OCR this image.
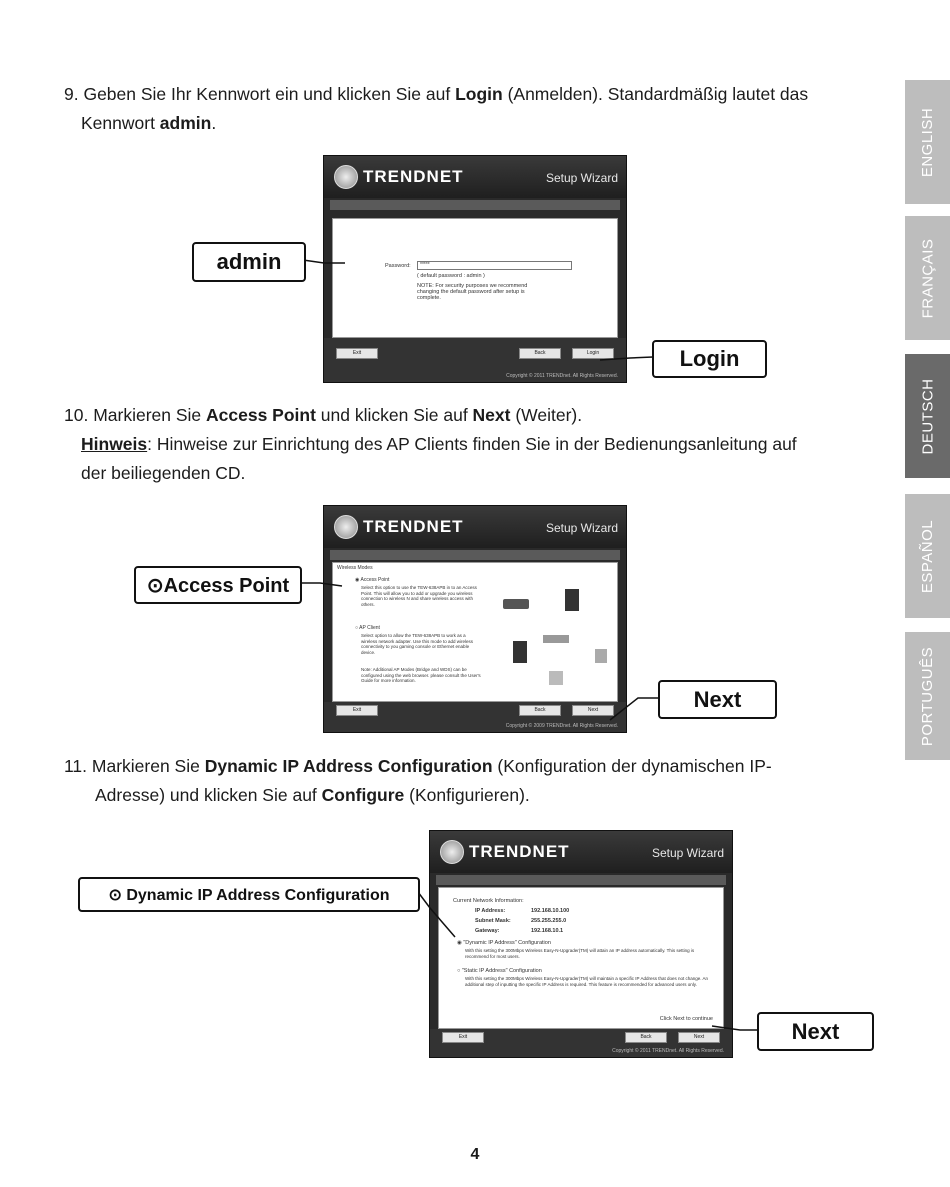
9. Geben Sie Ihr Kennwort ein und klicken Sie auf Login (Anmelden). Standardmäßig lautet das

Kennwort admin.

10. Markieren Sie Access Point und klicken Sie auf Next (Weiter).

Hinweis: Hinweise zur Einrichtung des AP Clients finden Sie in der Bedienungsanleitung auf

der beiliegenden CD.

11. Markieren Sie Dynamic IP Address Configuration (Konfiguration der dynamischen IP-

Adresse) und klicken Sie auf Configure (Konfigurieren).

ENGLISH
FRANÇAIS
DEUTSCH
ESPAÑOL
PORTUGUÊS
TRENDNET	Setup Wizard
Password:	*****
( default password : admin )
NOTE: For security purposes we recommend changing the default password after setup is complete.
Exit	Back	Login
Copyright © 2011 TRENDnet. All Rights Reserved.
TRENDNET	Setup Wizard
Wireless Modes
◉ Access Point
Select this option to use the TEW-638APB in to an Access Point. This will allow you to add or upgrade you wireless connection to wireless N and share wireless access with others.
○ AP Client
Select option to allow the TEW-638APB to work as a wireless network adapter. Use this mode to add wireless connectivity to you gaming console or Ethernet enable device.
Note: Additional AP Modes (Bridge and WDS) can be configured using the web browser. please consult the User's Guide for more information.
Exit	Back	Next
Copyright © 2009 TRENDnet. All Rights Reserved.
TRENDNET	Setup Wizard
Current Network Information:
IP Address:	192.168.10.100
Subnet Mask:	255.255.255.0
Gateway:	192.168.10.1
◉ "Dynamic IP Address" Configuration
With this setting the 300Mbps Wireless Easy-N-Upgrader(TM) will attain an IP address automatically. This setting is recommend for most users.
○ "Static IP Address" Configuration
With this setting the 300Mbps Wireless Easy-N-Upgrader(TM) will maintain a specific IP Address that does not change. An additional step of inputting the specific IP Address is required. This feature is recommended for advanced users only.
Click Next to continue
Exit	Back	Next
Copyright © 2011 TRENDnet. All Rights Reserved.
admin
Login
⊙Access Point
Next
⊙ Dynamic IP Address Configuration
Next
4
